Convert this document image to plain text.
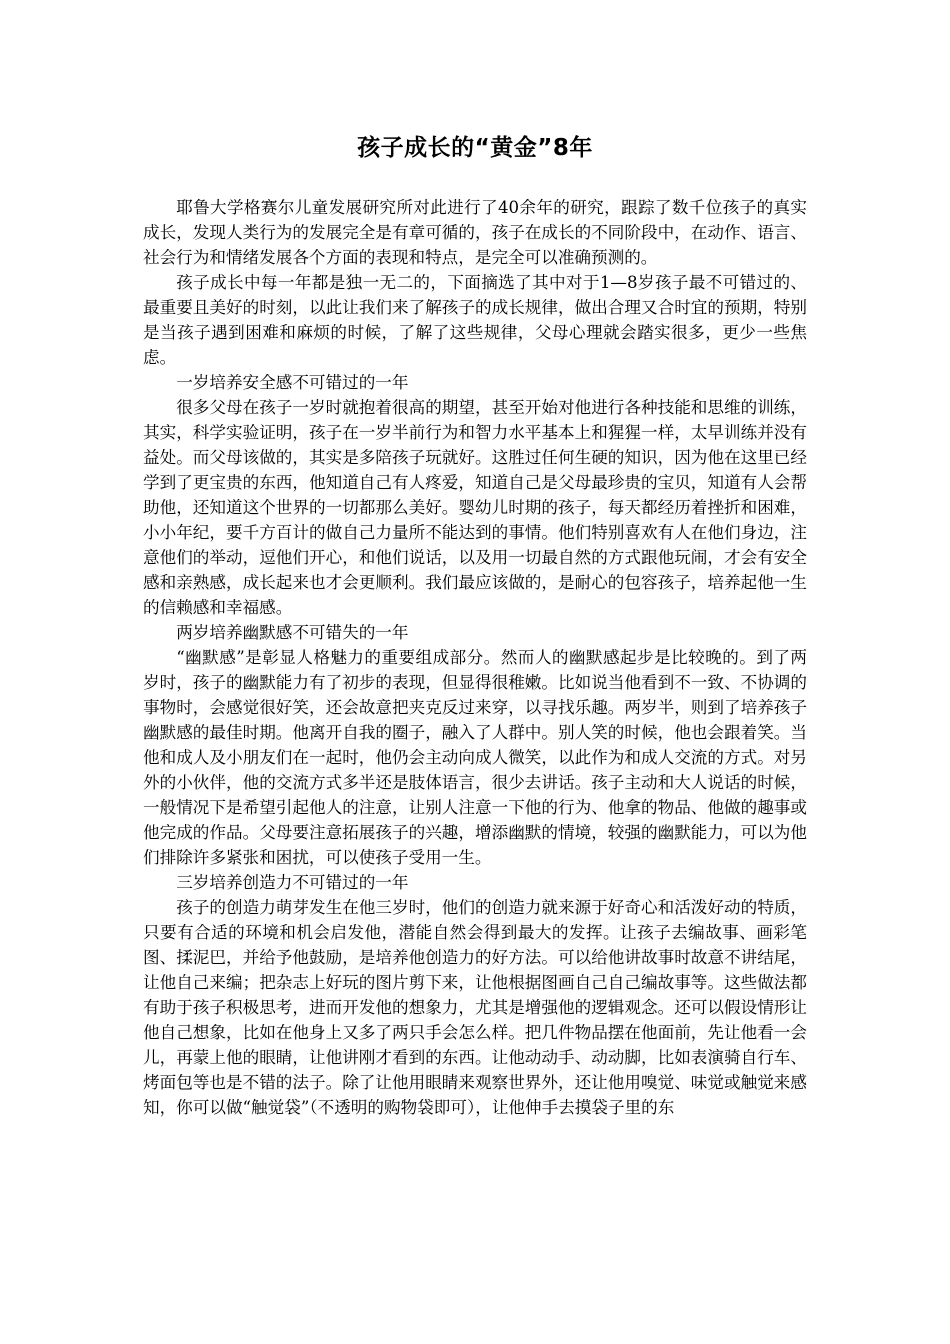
孩子成长的“黄金”8年

耶鲁大学格赛尔儿童发展研究所对此进行了40余年的研究，跟踪了数千位孩子的真实成长，发现人类行为的发展完全是有章可循的，孩子在成长的不同阶段中，在动作、语言、社会行为和情绪发展各个方面的表现和特点，是完全可以准确预测的。

孩子成长中每一年都是独一无二的，下面摘选了其中对于1—8岁孩子最不可错过的、最重要且美好的时刻，以此让我们来了解孩子的成长规律，做出合理又合时宜的预期，特别是当孩子遇到困难和麻烦的时候，了解了这些规律，父母心理就会踏实很多，更少一些焦虑。

一岁培养安全感不可错过的一年

很多父母在孩子一岁时就抱着很高的期望，甚至开始对他进行各种技能和思维的训练，其实，科学实验证明，孩子在一岁半前行为和智力水平基本上和猩猩一样，太早训练并没有益处。而父母该做的，其实是多陪孩子玩就好。这胜过任何生硬的知识，因为他在这里已经学到了更宝贵的东西，他知道自己有人疼爱，知道自己是父母最珍贵的宝贝，知道有人会帮助他，还知道这个世界的一切都那么美好。婴幼儿时期的孩子，每天都经历着挫折和困难，小小年纪，要千方百计的做自己力量所不能达到的事情。他们特别喜欢有人在他们身边，注意他们的举动，逗他们开心，和他们说话，以及用一切最自然的方式跟他玩闹，才会有安全感和亲熟感，成长起来也才会更顺利。我们最应该做的，是耐心的包容孩子，培养起他一生的信赖感和幸福感。

两岁培养幽默感不可错失的一年

“幽默感”是彰显人格魅力的重要组成部分。然而人的幽默感起步是比较晚的。到了两岁时，孩子的幽默能力有了初步的表现，但显得很稚嫩。比如说当他看到不一致、不协调的事物时，会感觉很好笑，还会故意把夹克反过来穿，以寻找乐趣。两岁半，则到了培养孩子幽默感的最佳时期。他离开自我的圈子，融入了人群中。别人笑的时候，他也会跟着笑。当他和成人及小朋友们在一起时，他仍会主动向成人微笑，以此作为和成人交流的方式。对另外的小伙伴，他的交流方式多半还是肢体语言，很少去讲话。孩子主动和大人说话的时候，一般情况下是希望引起他人的注意，让别人注意一下他的行为、他拿的物品、他做的趣事或他完成的作品。父母要注意拓展孩子的兴趣，增添幽默的情境，较强的幽默能力，可以为他们排除许多紧张和困扰，可以使孩子受用一生。

三岁培养创造力不可错过的一年

孩子的创造力萌芽发生在他三岁时，他们的创造力就来源于好奇心和活泼好动的特质，只要有合适的环境和机会启发他，潜能自然会得到最大的发挥。让孩子去编故事、画彩笔图、揉泥巴，并给予他鼓励，是培养他创造力的好方法。可以给他讲故事时故意不讲结尾，让他自己来编；把杂志上好玩的图片剪下来，让他根据图画自己自己编故事等。这些做法都有助于孩子积极思考，进而开发他的想象力，尤其是增强他的逻辑观念。还可以假设情形让他自己想象，比如在他身上又多了两只手会怎么样。把几件物品摆在他面前，先让他看一会儿，再蒙上他的眼睛，让他讲刚才看到的东西。让他动动手、动动脚，比如表演骑自行车、烤面包等也是不错的法子。除了让他用眼睛来观察世界外，还让他用嗅觉、味觉或触觉来感知，你可以做“触觉袋”（不透明的购物袋即可），让他伸手去摸袋子里的东
